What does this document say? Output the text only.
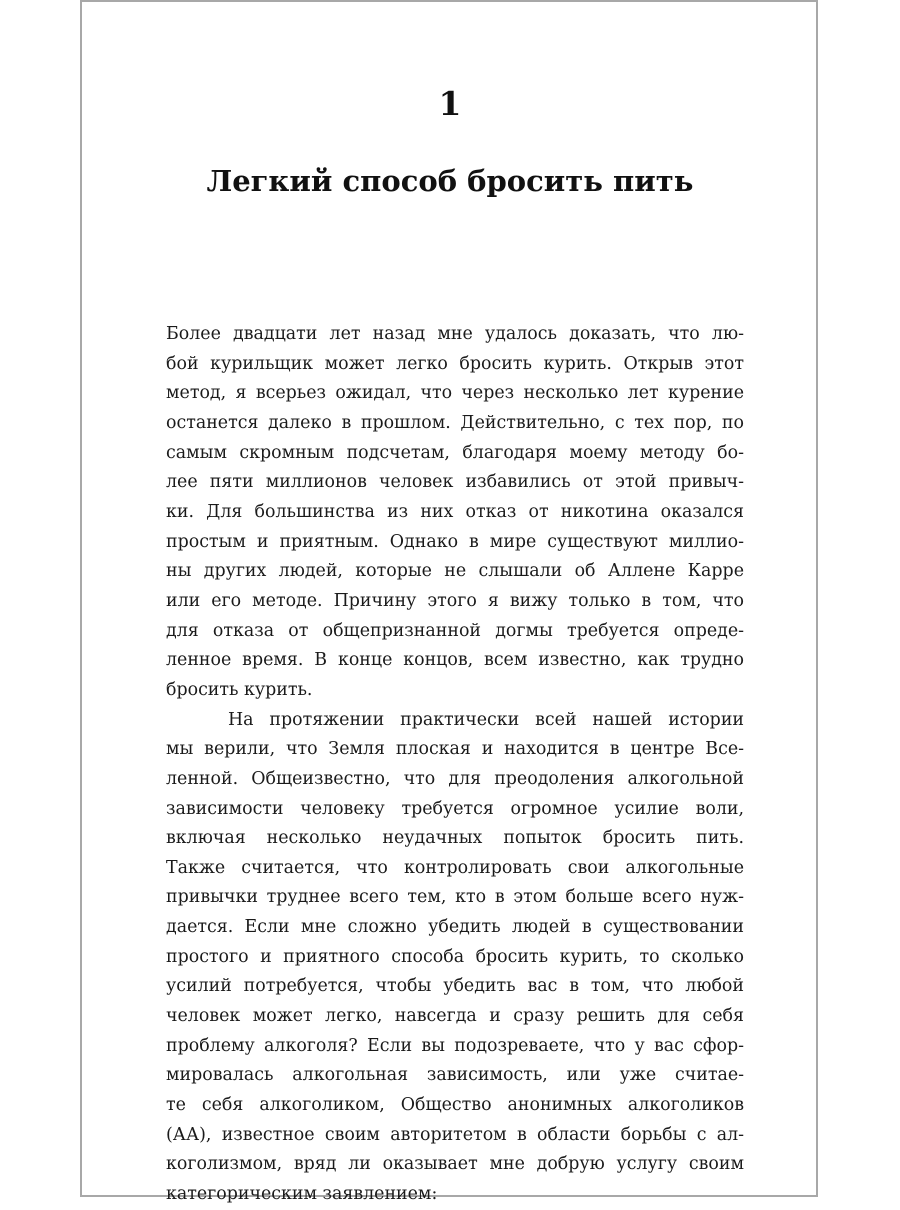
1
Легкий способ бросить пить
Более двадцати лет назад мне удалось доказать, что лю-
бой курильщик может легко бросить курить. Открыв этот
метод, я всерьез ожидал, что через несколько лет курение
останется далеко в прошлом. Действительно, с тех пор, по
самым скромным подсчетам, благодаря моему методу бо-
лее пяти миллионов человек избавились от этой привыч-
ки. Для большинства из них отказ от никотина оказался
простым и приятным. Однако в мире существуют миллио-
ны других людей, которые не слышали об Аллене Карре
или его методе. Причину этого я вижу только в том, что
для отказа от общепризнанной догмы требуется опреде-
ленное время. В конце концов, всем известно, как трудно
бросить курить.
На протяжении практически всей нашей истории
мы верили, что Земля плоская и находится в центре Все-
ленной. Общеизвестно, что для преодоления алкогольной
зависимости человеку требуется огромное усилие воли,
включая несколько неудачных попыток бросить пить.
Также считается, что контролировать свои алкогольные
привычки труднее всего тем, кто в этом больше всего нуж-
дается. Если мне сложно убедить людей в существовании
простого и приятного способа бросить курить, то сколько
усилий потребуется, чтобы убедить вас в том, что любой
человек может легко, навсегда и сразу решить для себя
проблему алкоголя? Если вы подозреваете, что у вас сфор-
мировалась алкогольная зависимость, или уже считае-
те себя алкоголиком, Общество анонимных алкоголиков
(АА), известное своим авторитетом в области борьбы с ал-
коголизмом, вряд ли оказывает мне добрую услугу своим
категорическим заявлением:
